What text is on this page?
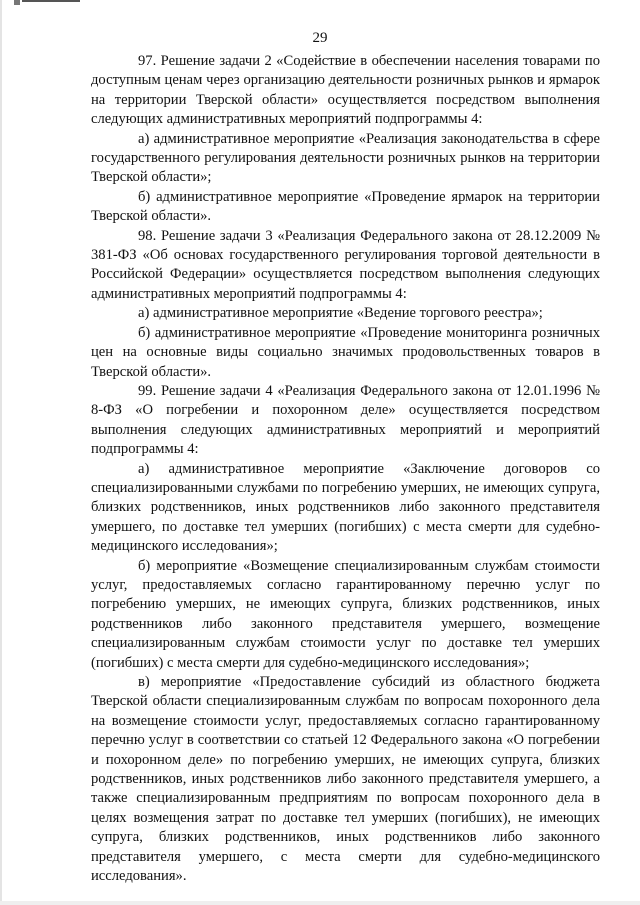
29

97. Решение задачи 2 «Содействие в обеспечении населения товарами по доступным ценам через организацию деятельности розничных рынков и ярмарок на территории Тверской области» осуществляется посредством выполнения следующих административных мероприятий подпрограммы 4:

а) административное мероприятие «Реализация законодательства в сфере государственного регулирования деятельности розничных рынков на территории Тверской области»;

б) административное мероприятие «Проведение ярмарок на территории Тверской области».

98. Решение задачи 3 «Реализация Федерального закона от 28.12.2009 № 381-ФЗ «Об основах государственного регулирования торговой деятельности в Российской Федерации» осуществляется посредством выполнения следующих административных мероприятий подпрограммы 4:

а) административное мероприятие «Ведение торгового реестра»;

б) административное мероприятие «Проведение мониторинга розничных цен на основные виды социально значимых продовольственных товаров в Тверской области».

99. Решение задачи 4 «Реализация Федерального закона от 12.01.1996 № 8-ФЗ «О погребении и похоронном деле» осуществляется посредством выполнения следующих административных мероприятий и мероприятий подпрограммы 4:

а) административное мероприятие «Заключение договоров со специализированными службами по погребению умерших, не имеющих супруга, близких родственников, иных родственников либо законного представителя умершего, по доставке тел умерших (погибших) с места смерти для судебно-медицинского исследования»;

б) мероприятие «Возмещение специализированным службам стоимости услуг, предоставляемых согласно гарантированному перечню услуг по погребению умерших, не имеющих супруга, близких родственников, иных родственников либо законного представителя умершего, возмещение специализированным службам стоимости услуг по доставке тел умерших (погибших) с места смерти для судебно-медицинского исследования»;

в) мероприятие «Предоставление субсидий из областного бюджета Тверской области специализированным службам по вопросам похоронного дела на возмещение стоимости услуг, предоставляемых согласно гарантированному перечню услуг в соответствии со статьей 12 Федерального закона «О погребении и похоронном деле» по погребению умерших, не имеющих супруга, близких родственников, иных родственников либо законного представителя умершего, а также специализированным предприятиям по вопросам похоронного дела в целях возмещения затрат по доставке тел умерших (погибших), не имеющих супруга, близких родственников, иных родственников либо законного представителя умершего, с места смерти для судебно-медицинского исследования».
